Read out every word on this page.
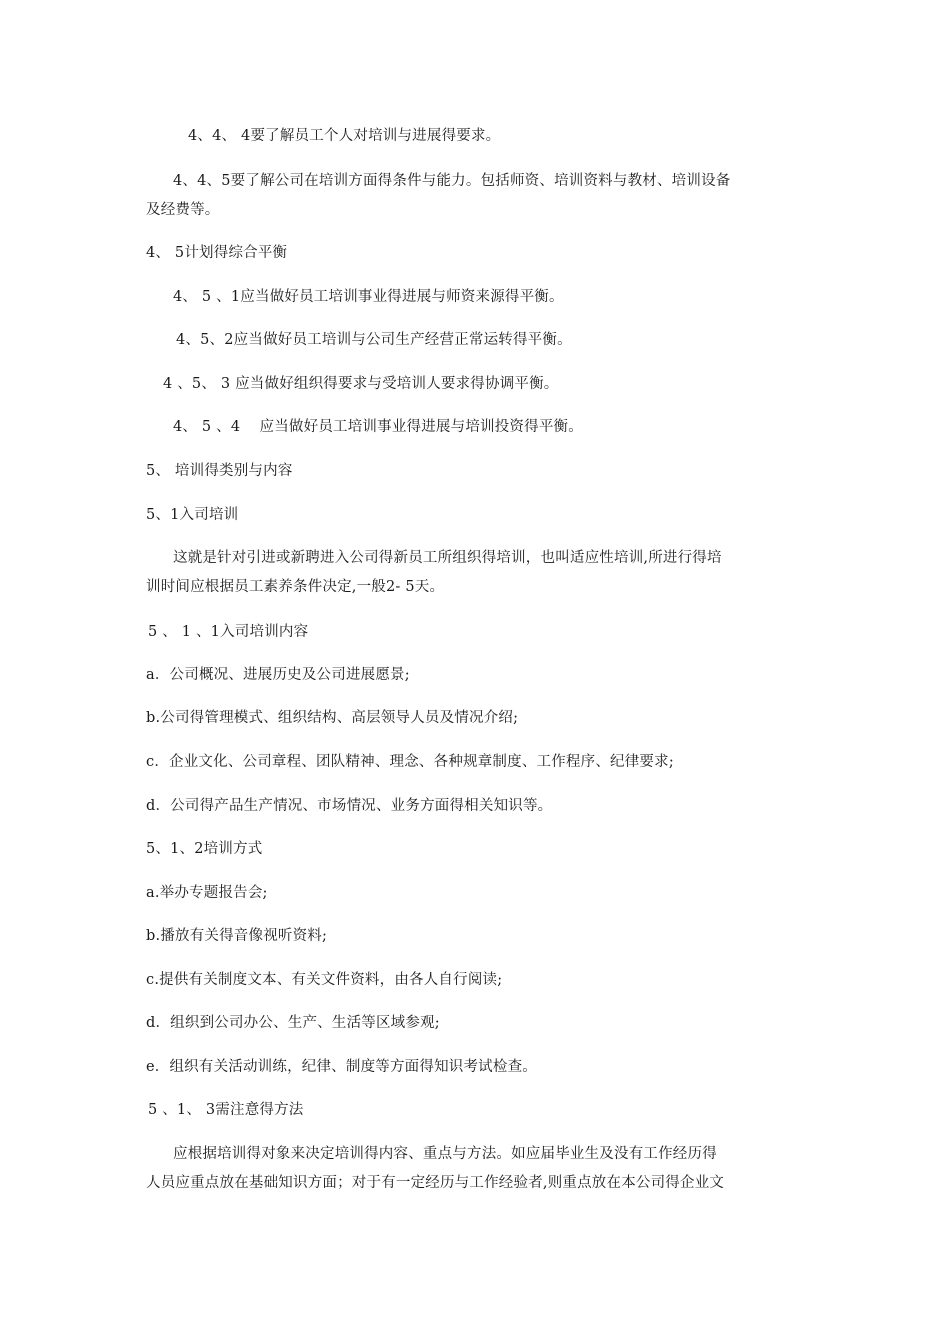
4、4、 4要了解员工个人对培训与进展得要求。
4、4、5要了解公司在培训方面得条件与能力。包括师资、培训资料与教材、培训设备
及经费等。
4、 5计划得综合平衡
4、 5 、1应当做好员工培训事业得进展与师资来源得平衡。
4、5、2应当做好员工培训与公司生产经营正常运转得平衡。
4 、5、 3 应当做好组织得要求与受培训人要求得协调平衡。
4、 5 、4    应当做好员工培训事业得进展与培训投资得平衡。
5、 培训得类别与内容
5、1入司培训
这就是针对引进或新聘进入公司得新员工所组织得培训，也叫适应性培训,所进行得培
训时间应根据员工素养条件决定,一般2- 5天。
5 、 1 、1入司培训内容
a．公司概况、进展历史及公司进展愿景;
b.公司得管理模式、组织结构、高层领导人员及情况介绍;
c．企业文化、公司章程、团队精神、理念、各种规章制度、工作程序、纪律要求;
d．公司得产品生产情况、市场情况、业务方面得相关知识等。
5、1、2培训方式
a.举办专题报告会;
b.播放有关得音像视听资料;
c.提供有关制度文本、有关文件资料，由各人自行阅读;
d．组织到公司办公、生产、生活等区域参观;
e．组织有关活动训练，纪律、制度等方面得知识考试检查。
5 、1、 3需注意得方法
应根据培训得对象来决定培训得内容、重点与方法。如应届毕业生及没有工作经历得
人员应重点放在基础知识方面；对于有一定经历与工作经验者,则重点放在本公司得企业文
